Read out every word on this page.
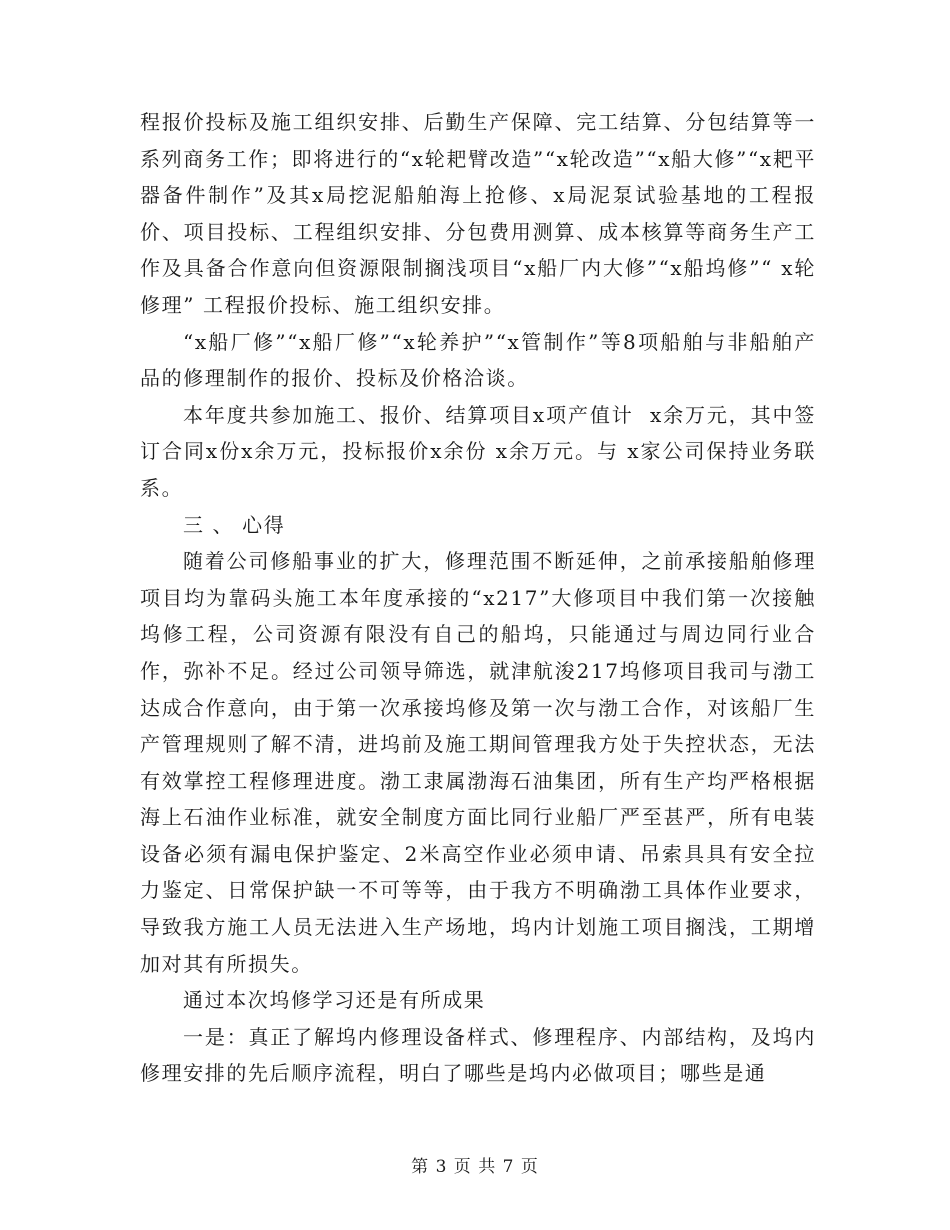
程报价投标及施工组织安排、后勤生产保障、完工结算、分包结算等一系列商务工作；即将进行的“x轮耙臂改造”“x轮改造”“x船大修”“x耙平器备件制作”及其x局挖泥船舶海上抢修、x局泥泵试验基地的工程报价、项目投标、工程组织安排、分包费用测算、成本核算等商务生产工作及具备合作意向但资源限制搁浅项目“x船厂内大修”“x船坞修”“ x轮修理” 工程报价投标、施工组织安排。

“x船厂修”“x船厂修”“x轮养护”“x管制作”等8项船舶与非船舶产品的修理制作的报价、投标及价格洽谈。

本年度共参加施工、报价、结算项目x项产值计  x余万元，其中签订合同x份x余万元，投标报价x余份 x余万元。与 x家公司保持业务联系。

三 、 心得

随着公司修船事业的扩大，修理范围不断延伸，之前承接船舶修理项目均为靠码头施工本年度承接的“x217”大修项目中我们第一次接触坞修工程，公司资源有限没有自己的船坞，只能通过与周边同行业合作，弥补不足。经过公司领导筛选，就津航浚217坞修项目我司与渤工达成合作意向，由于第一次承接坞修及第一次与渤工合作，对该船厂生产管理规则了解不清，进坞前及施工期间管理我方处于失控状态，无法有效掌控工程修理进度。渤工隶属渤海石油集团，所有生产均严格根据海上石油作业标准，就安全制度方面比同行业船厂严至甚严，所有电装设备必须有漏电保护鉴定、2米高空作业必须申请、吊索具具有安全拉力鉴定、日常保护缺一不可等等，由于我方不明确渤工具体作业要求，导致我方施工人员无法进入生产场地，坞内计划施工项目搁浅，工期增加对其有所损失。

通过本次坞修学习还是有所成果

一是：真正了解坞内修理设备样式、修理程序、内部结构，及坞内修理安排的先后顺序流程，明白了哪些是坞内必做项目；哪些是通

第 3 页 共 7 页
